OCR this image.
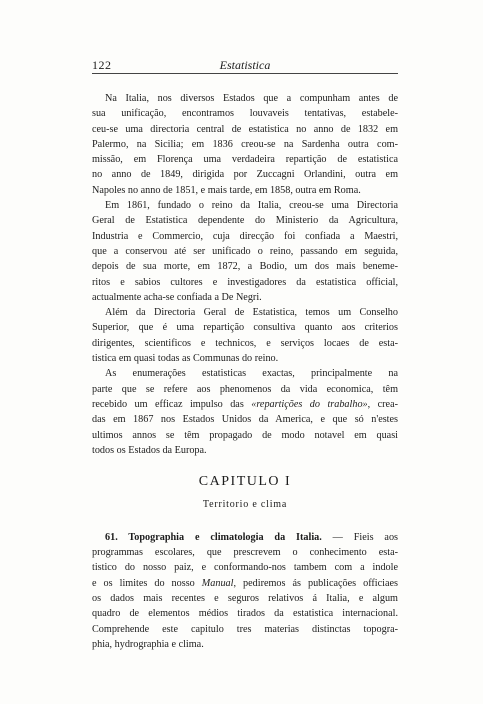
122	Estatistica

Na Italia, nos diversos Estados que a compunham antes de
sua unificação, encontramos louvaveis tentativas, estabele-
ceu-se uma directoria central de estatistica no anno de 1832 em
Palermo, na Sicilia; em 1836 creou-se na Sardenha outra com-
missão, em Florença uma verdadeira repartição de estatistica
no anno de 1849, dirigida por Zuccagni Orlandini, outra em
Napoles no anno de 1851, e mais tarde, em 1858, outra em Roma.

Em 1861, fundado o reino da Italia, creou-se uma Directoria
Geral de Estatistica dependente do Ministerio da Agricultura,
Industria e Commercio, cuja direcção foi confiada a Maestri,
que a conservou até ser unificado o reino, passando em seguida,
depois de sua morte, em 1872, a Bodio, um dos mais beneme-
ritos e sabios cultores e investigadores da estatistica official,
actualmente acha-se confiada a De Negri.

Além da Directoria Geral de Estatistica, temos um Conselho
Superior, que é uma repartição consultiva quanto aos criterios
dirigentes, scientificos e technicos, e serviços locaes de esta-
tistica em quasi todas as Communas do reino.

As enumerações estatisticas exactas, principalmente na
parte que se refere aos phenomenos da vida economica, têm
recebido um efficaz impulso das «repartições do trabalho», crea-
das em 1867 nos Estados Unidos da America, e que só n'estes
ultimos annos se têm propagado de modo notavel em quasi
todos os Estados da Europa.

CAPITULO I
Territorio e clima

61. Topographia e climatologia da Italia. — Fieis aos
programmas escolares, que prescrevem o conhecimento esta-
tistico do nosso paiz, e conformando-nos tambem com a indole
e os limites do nosso Manual, pediremos ás publicações officiaes
os dados mais recentes e seguros relativos á Italia, e algum
quadro de elementos médios tirados da estatistica internacional.
Comprehende este capitulo tres materias distinctas topogra-
phia, hydrographia e clima.
